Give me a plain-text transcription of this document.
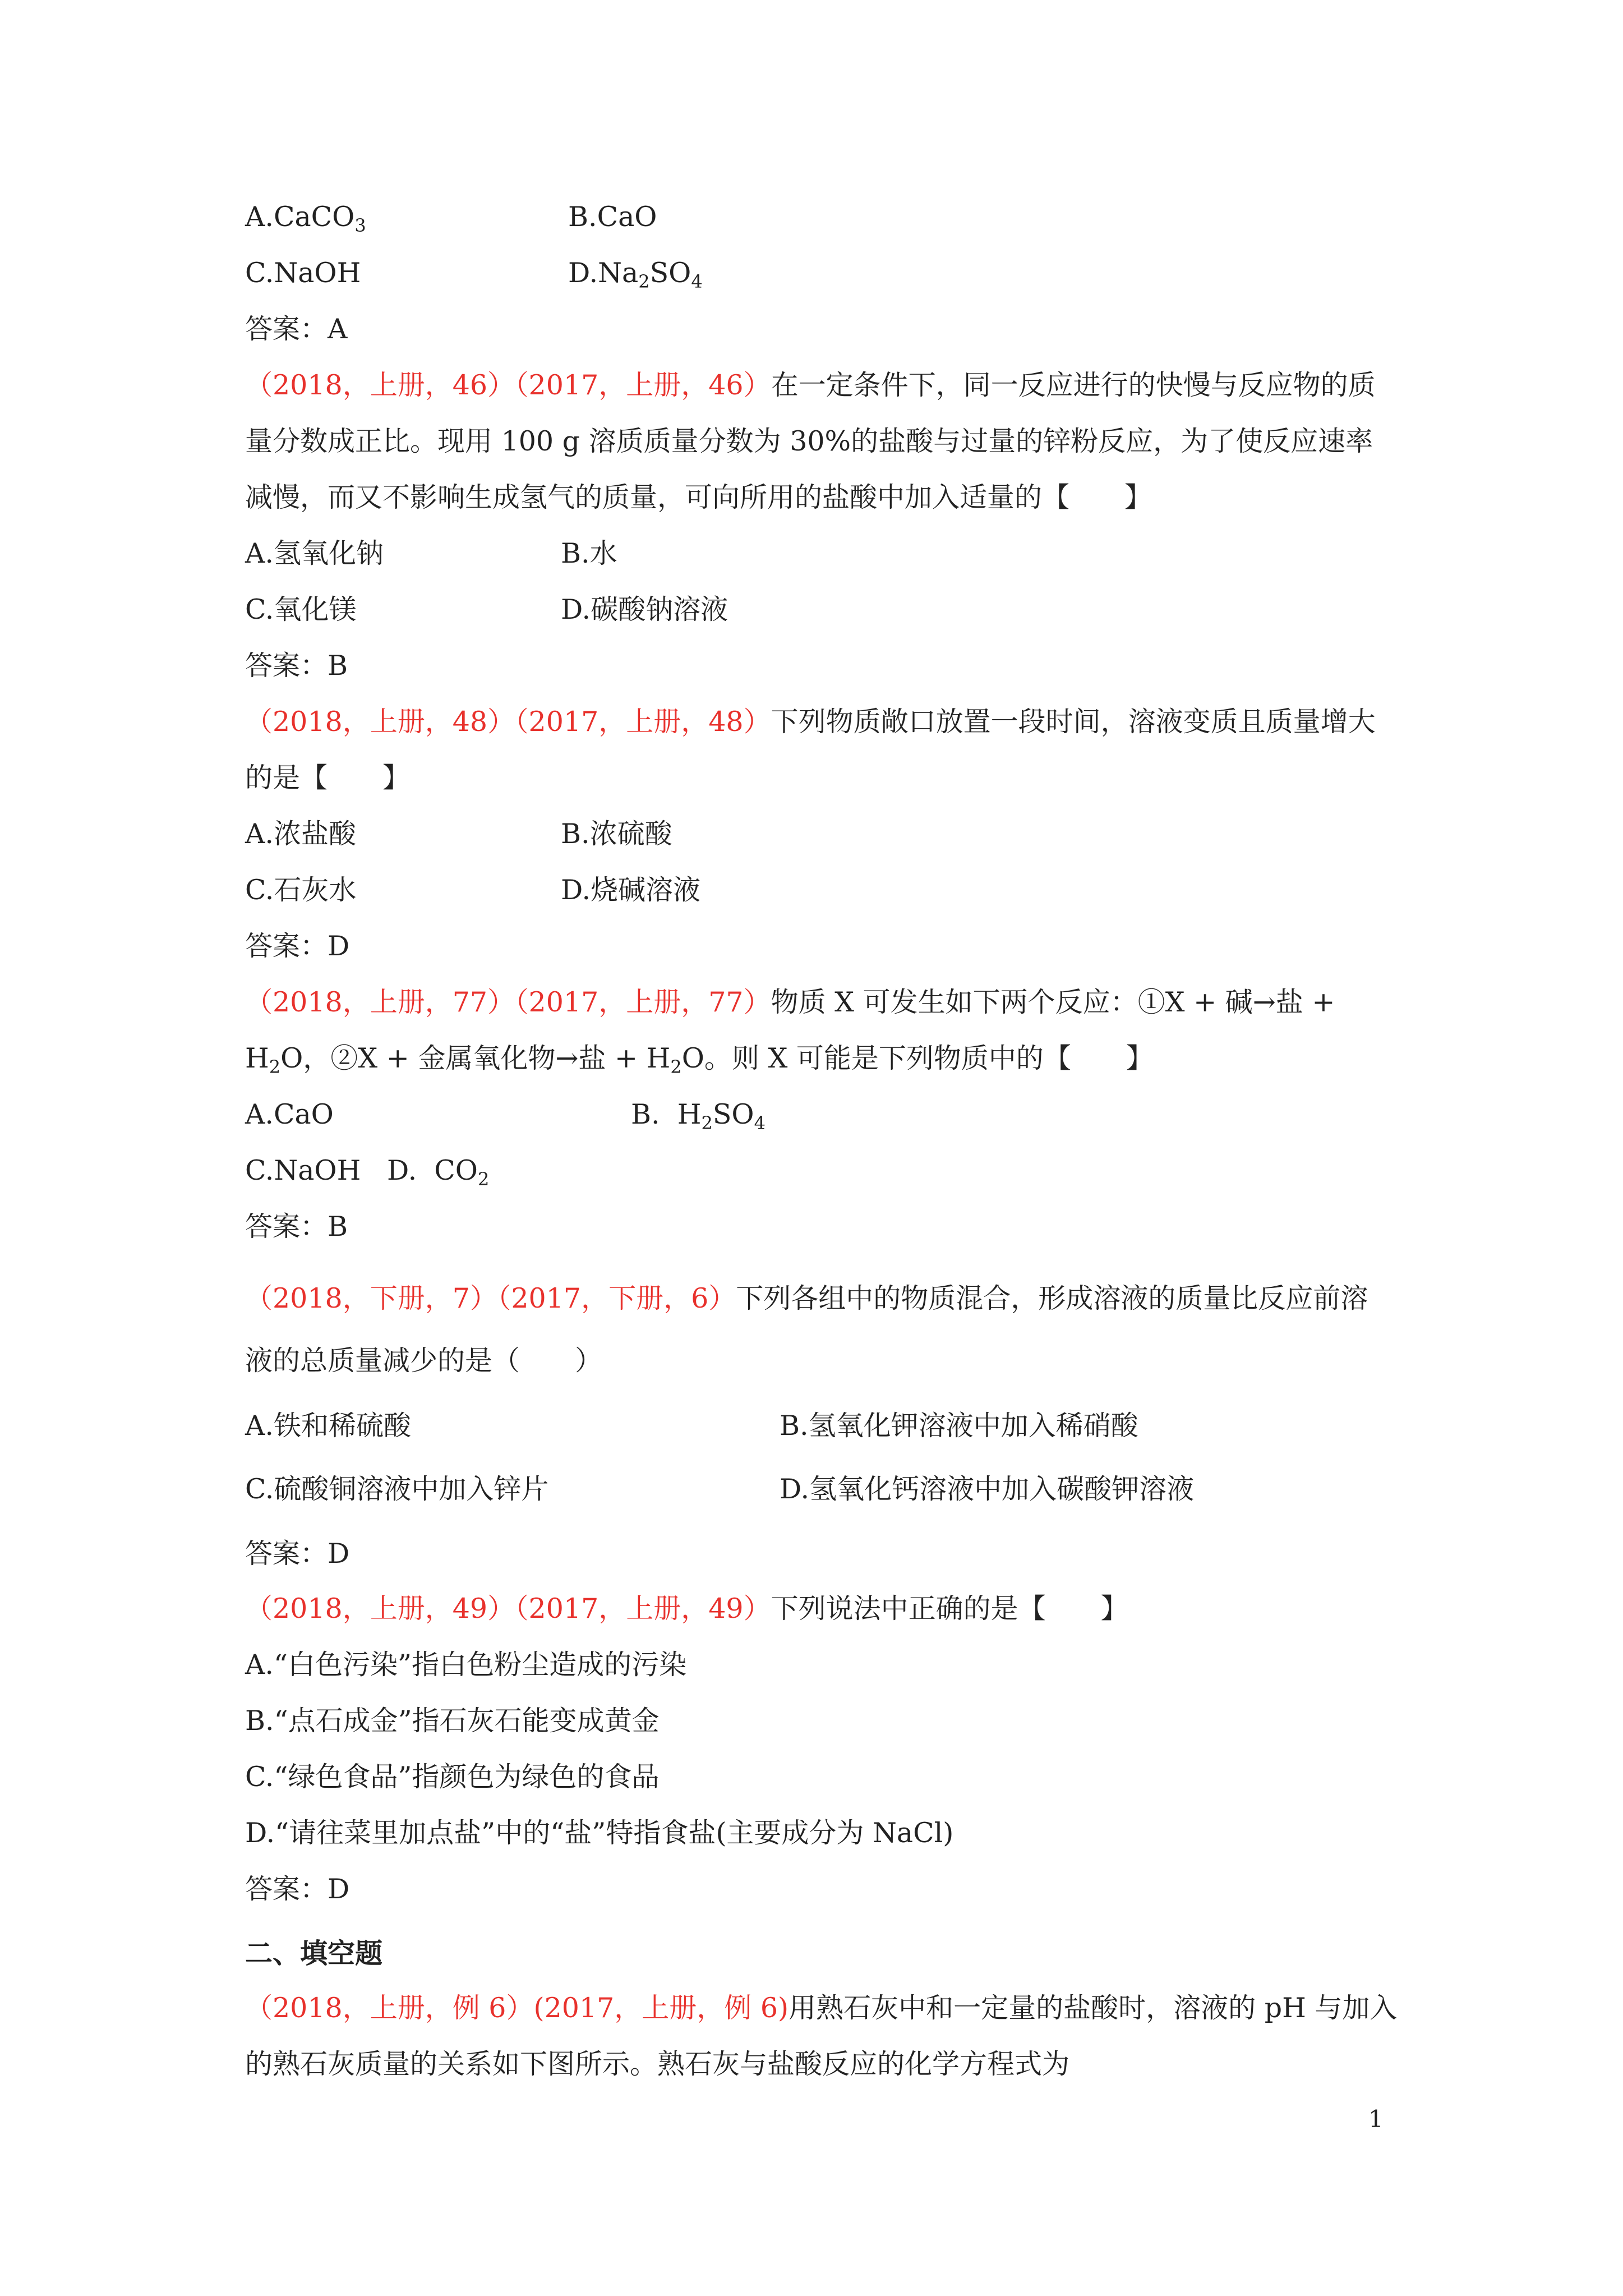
A.CaCO$_3$	B.CaO
C.NaOH	$D.Na_2SO_4$
答案：A
（2018，上册，46）（2017，上册，46）在一定条件下，同一反应进行的快慢与反应物的质
量分数成正比。现用 100 g 溶质质量分数为 30%的盐酸与过量的锌粉反应，为了使反应速率
减慢，而又不影响生成氢气的质量，可向所用的盐酸中加入适量的【　　】
A.氢氧化钠	B.水
C.氧化镁	D.碳酸钠溶液
答案：B
（2018，上册，48）（2017，上册，48）下列物质敞口放置一段时间，溶液变质且质量增大
的是【　　】
A.浓盐酸	B.浓硫酸
C.石灰水	D.烧碱溶液
答案：D
（2018，上册，77）（2017，上册，77）物质 X 可发生如下两个反应：①X + 碱→盐 +
$H_2O$，②X + 金属氧化物→盐 + $H_2O$。则 X 可能是下列物质中的【　　】
A.CaO	B.  $H_2SO_4$
C.NaOH   D.  $CO_2$
答案：B
（2018，下册，7）（2017，下册，6）下列各组中的物质混合，形成溶液的质量比反应前溶
液的总质量减少的是（　　）
A.铁和稀硫酸	B.氢氧化钾溶液中加入稀硝酸
C.硫酸铜溶液中加入锌片	D.氢氧化钙溶液中加入碳酸钾溶液
答案：D
（2018，上册，49）（2017，上册，49）下列说法中正确的是【　　】
A.“白色污染”指白色粉尘造成的污染
B.“点石成金”指石灰石能变成黄金
C.“绿色食品”指颜色为绿色的食品
D.“请往菜里加点盐”中的“盐”特指食盐(主要成分为 NaCl)
答案：D
二、填空题
（2018，上册，例 6）(2017，上册，例 6)用熟石灰中和一定量的盐酸时，溶液的 pH 与加入
的熟石灰质量的关系如下图所示。熟石灰与盐酸反应的化学方程式为
1
